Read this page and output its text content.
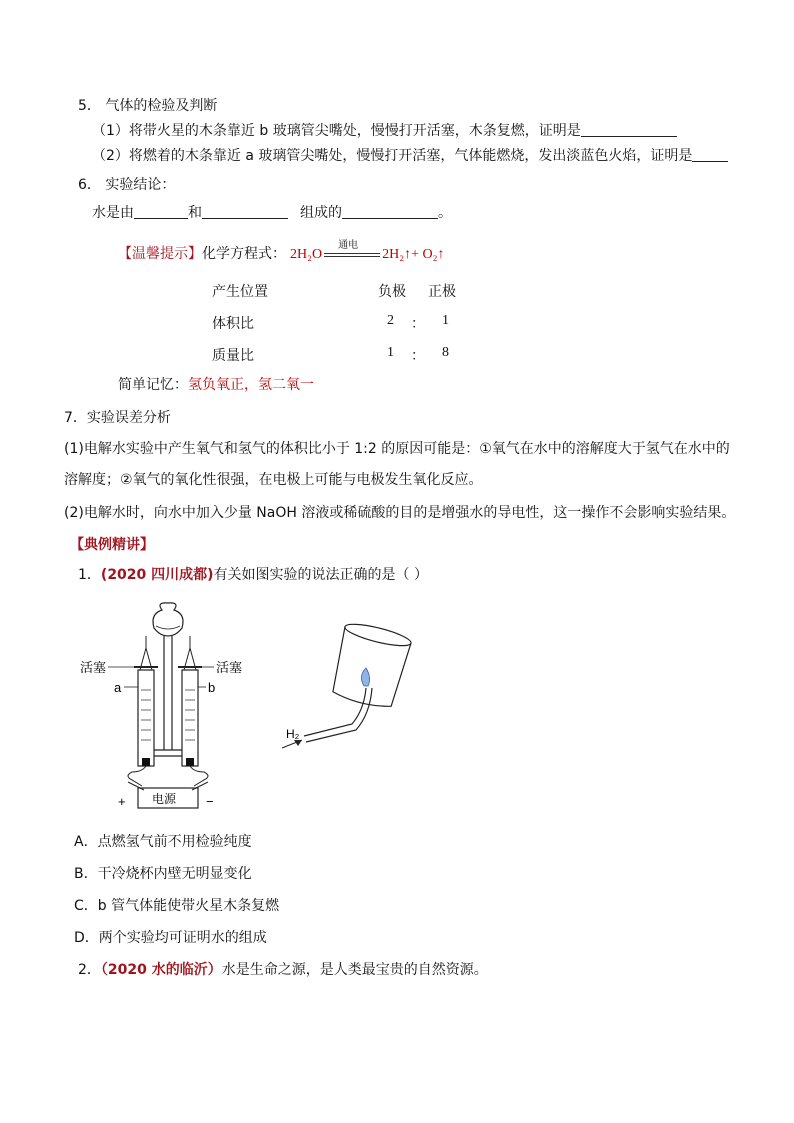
5． 气体的检验及判断
（1）将带火星的木条靠近 b 玻璃管尖嘴处，慢慢打开活塞，木条复燃，证明是
（2）将燃着的木条靠近 a 玻璃管尖嘴处，慢慢打开活塞，气体能燃烧，发出淡蓝色火焰，证明是
6． 实验结论：
水是由	和	组成的	。
【温馨提示】化学方程式： 2H₂O
通电
2H₂↑+ O₂↑
产生位置	负极 正极
体积比	2 ： 1
质量比	1 ： 8
简单记忆：氢负氧正，氢二氧一
7．实验误差分析
(1)电解水实验中产生氧气和氢气的体积比小于 1:2 的原因可能是：①氧气在水中的溶解度大于氢气在水中的
溶解度；②氧气的氧化性很强，在电极上可能与电极发生氧化反应。
(2)电解水时，向水中加入少量 NaOH 溶液或稀硫酸的目的是增强水的导电性，这一操作不会影响实验结果。
【典例精讲】
1．(2020 四川成都)有关如图实验的说法正确的是（ ）
活塞	活塞
a	b
+	−
电源
H₂
A．点燃氢气前不用检验纯度
B．干冷烧杯内壁无明显变化
C．b 管气体能使带火星木条复燃
D．两个实验均可证明水的组成
2．（2020 水的临沂）水是生命之源，是人类最宝贵的自然资源。
